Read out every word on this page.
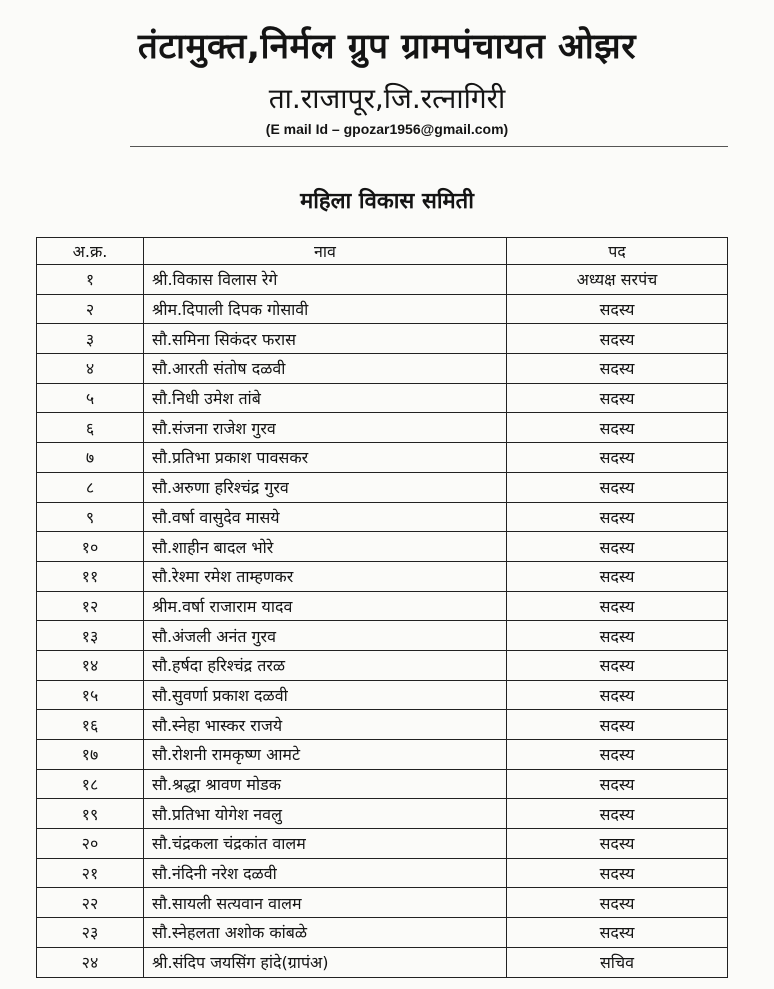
तंटामुक्त,निर्मल ग्रुप ग्रामपंचायत ओझर
ता.राजापूर,जि.रत्नागिरी
(E mail Id – gpozar1956@gmail.com)
महिला विकास समिती
अ.क्र.	नाव	पद
१	श्री.विकास विलास रेगे	अध्यक्ष सरपंच
२	श्रीम.दिपाली दिपक गोसावी	सदस्य
३	सौ.समिना सिकंदर फरास	सदस्य
४	सौ.आरती संतोष दळवी	सदस्य
५	सौ.निधी उमेश तांबे	सदस्य
६	सौ.संजना राजेश गुरव	सदस्य
७	सौ.प्रतिभा प्रकाश पावसकर	सदस्य
८	सौ.अरुणा हरिश्चंद्र गुरव	सदस्य
९	सौ.वर्षा वासुदेव मासये	सदस्य
१०	सौ.शाहीन बादल भोरे	सदस्य
११	सौ.रेश्मा रमेश ताम्हणकर	सदस्य
१२	श्रीम.वर्षा राजाराम यादव	सदस्य
१३	सौ.अंजली अनंत गुरव	सदस्य
१४	सौ.हर्षदा हरिश्चंद्र तरळ	सदस्य
१५	सौ.सुवर्णा प्रकाश दळवी	सदस्य
१६	सौ.स्नेहा भास्कर राजये	सदस्य
१७	सौ.रोशनी रामकृष्ण आमटे	सदस्य
१८	सौ.श्रद्धा श्रावण मोडक	सदस्य
१९	सौ.प्रतिभा योगेश नवलु	सदस्य
२०	सौ.चंद्रकला चंद्रकांत वालम	सदस्य
२१	सौ.नंदिनी नरेश दळवी	सदस्य
२२	सौ.सायली सत्यवान वालम	सदस्य
२३	सौ.स्नेहलता अशोक कांबळे	सदस्य
२४	श्री.संदिप जयसिंग हांदे(ग्रापंअ)	सचिव
